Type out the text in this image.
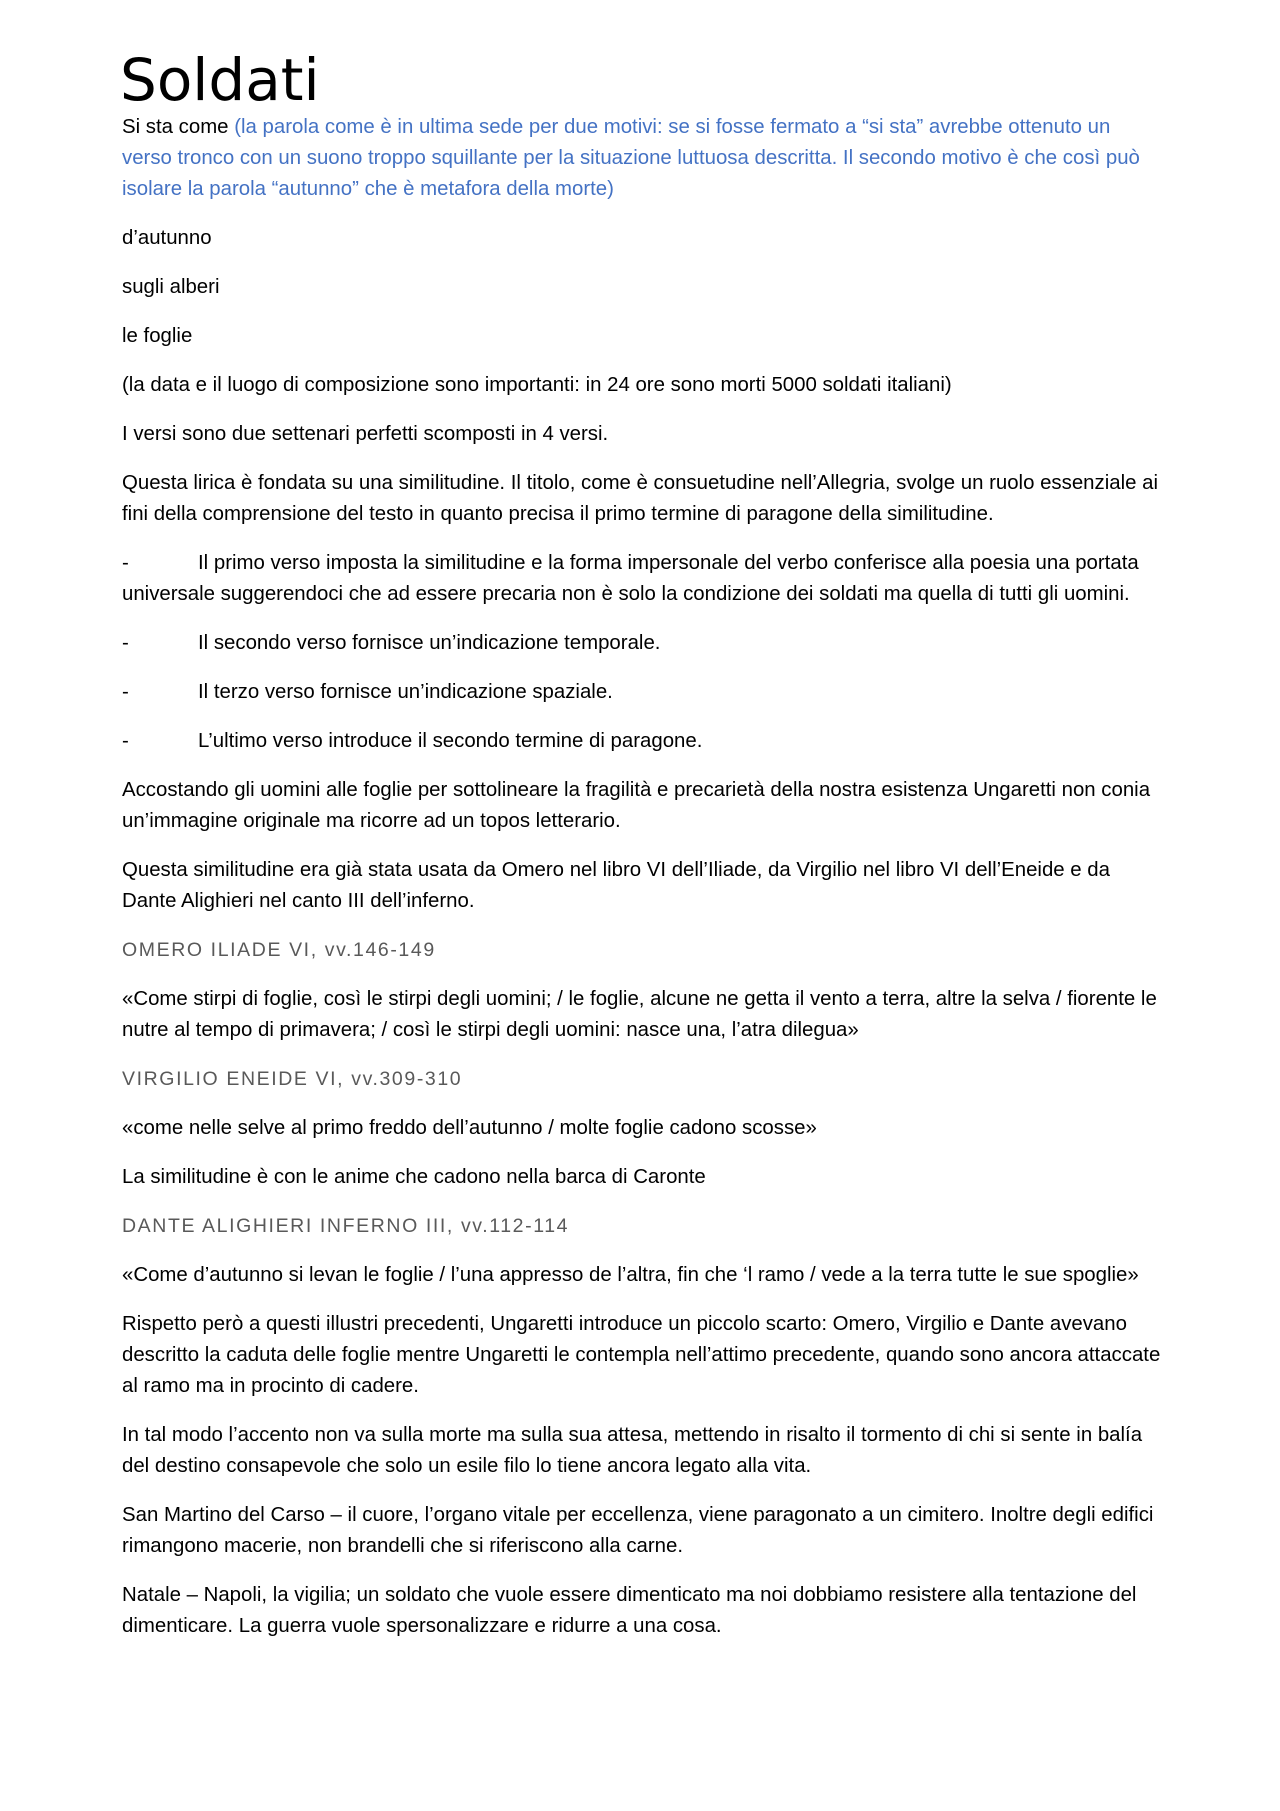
Soldati

Si sta come (la parola come è in ultima sede per due motivi: se si fosse fermato a “si sta” avrebbe ottenuto un verso tronco con un suono troppo squillante per la situazione luttuosa descritta. Il secondo motivo è che così può isolare la parola “autunno” che è metafora della morte)

d’autunno

sugli alberi

le foglie

(la data e il luogo di composizione sono importanti: in 24 ore sono morti 5000 soldati italiani)

I versi sono due settenari perfetti scomposti in 4 versi.

Questa lirica è fondata su una similitudine. Il titolo, come è consuetudine nell’Allegria, svolge un ruolo essenziale ai fini della comprensione del testo in quanto precisa il primo termine di paragone della similitudine.

-	Il primo verso imposta la similitudine e la forma impersonale del verbo conferisce alla poesia una portata universale suggerendoci che ad essere precaria non è solo la condizione dei soldati ma quella di tutti gli uomini.

-	Il secondo verso fornisce un’indicazione temporale.

-	Il terzo verso fornisce un’indicazione spaziale.

-	L’ultimo verso introduce il secondo termine di paragone.

Accostando gli uomini alle foglie per sottolineare la fragilità e precarietà della nostra esistenza Ungaretti non conia un’immagine originale ma ricorre ad un topos letterario.

Questa similitudine era già stata usata da Omero nel libro VI dell’Iliade, da Virgilio nel libro VI dell’Eneide e da Dante Alighieri nel canto III dell’inferno.

OMERO ILIADE VI, vv.146-149

«Come stirpi di foglie, così le stirpi degli uomini; / le foglie, alcune ne getta il vento a terra, altre la selva / fiorente le nutre al tempo di primavera; / così le stirpi degli uomini: nasce una, l’atra dilegua»

VIRGILIO ENEIDE VI, vv.309-310

«come nelle selve al primo freddo dell’autunno / molte foglie cadono scosse»

La similitudine è con le anime che cadono nella barca di Caronte

DANTE ALIGHIERI INFERNO III, vv.112-114

«Come d’autunno si levan le foglie / l’una appresso de l’altra, fin che ‘l ramo / vede a la terra tutte le sue spoglie»

Rispetto però a questi illustri precedenti, Ungaretti introduce un piccolo scarto: Omero, Virgilio e Dante avevano descritto la caduta delle foglie mentre Ungaretti le contempla nell’attimo precedente, quando sono ancora attaccate al ramo ma in procinto di cadere.

In tal modo l’accento non va sulla morte ma sulla sua attesa, mettendo in risalto il tormento di chi si sente in balía del destino consapevole che solo un esile filo lo tiene ancora legato alla vita.

San Martino del Carso – il cuore, l’organo vitale per eccellenza, viene paragonato a un cimitero. Inoltre degli edifici rimangono macerie, non brandelli che si riferiscono alla carne.

Natale – Napoli, la vigilia; un soldato che vuole essere dimenticato ma noi dobbiamo resistere alla tentazione del dimenticare. La guerra vuole spersonalizzare e ridurre a una cosa.
